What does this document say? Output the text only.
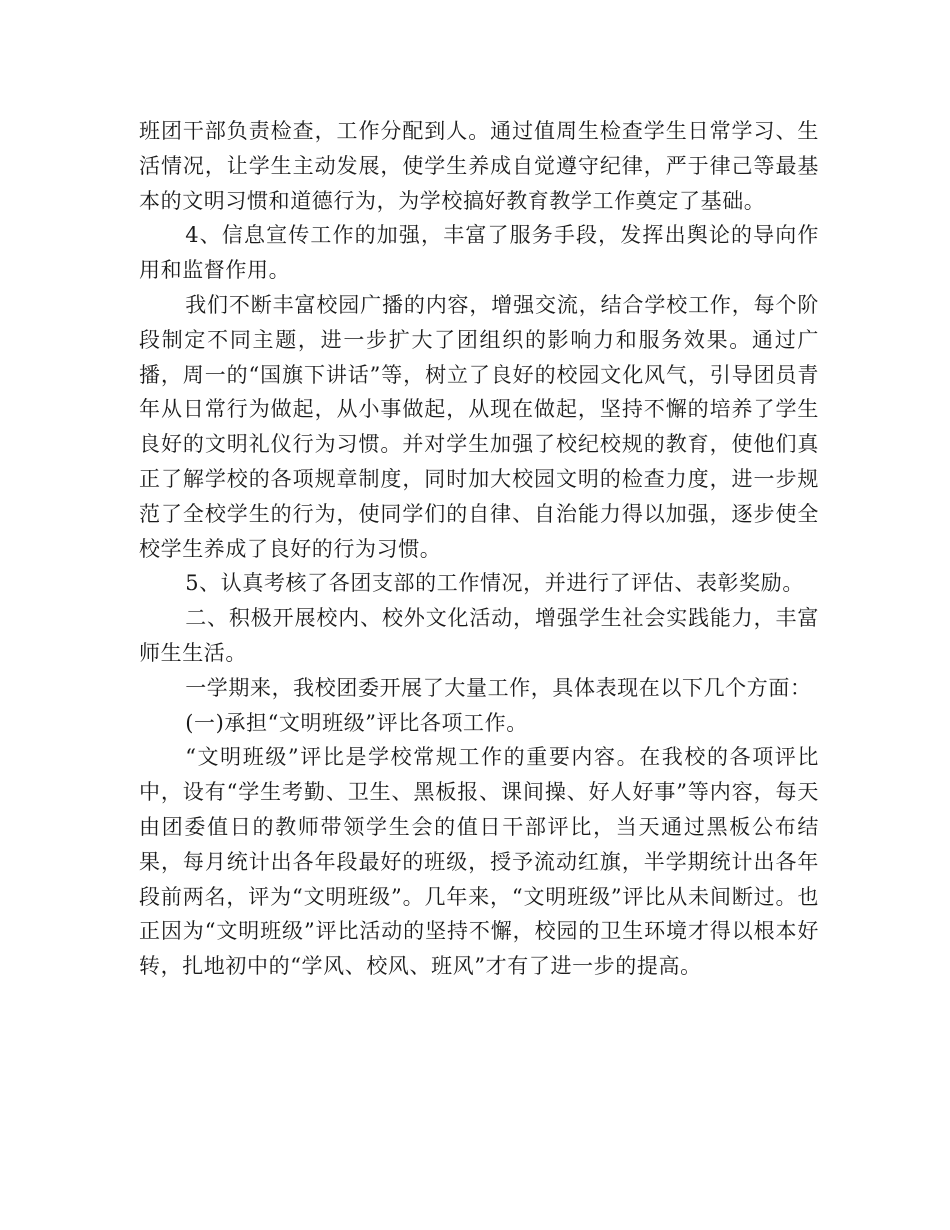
班团干部负责检查，工作分配到人。通过值周生检查学生日常学习、生活情况，让学生主动发展，使学生养成自觉遵守纪律，严于律己等最基本的文明习惯和道德行为，为学校搞好教育教学工作奠定了基础。

4、信息宣传工作的加强，丰富了服务手段，发挥出舆论的导向作用和监督作用。

我们不断丰富校园广播的内容，增强交流，结合学校工作，每个阶段制定不同主题，进一步扩大了团组织的影响力和服务效果。通过广播，周一的“国旗下讲话”等，树立了良好的校园文化风气，引导团员青年从日常行为做起，从小事做起，从现在做起，坚持不懈的培养了学生良好的文明礼仪行为习惯。并对学生加强了校纪校规的教育，使他们真正了解学校的各项规章制度，同时加大校园文明的检查力度，进一步规范了全校学生的行为，使同学们的自律、自治能力得以加强，逐步使全校学生养成了良好的行为习惯。

5、认真考核了各团支部的工作情况，并进行了评估、表彰奖励。

二、积极开展校内、校外文化活动，增强学生社会实践能力，丰富师生生活。

一学期来，我校团委开展了大量工作，具体表现在以下几个方面：

(一)承担“文明班级”评比各项工作。

“文明班级”评比是学校常规工作的重要内容。在我校的各项评比中，设有“学生考勤、卫生、黑板报、课间操、好人好事”等内容，每天由团委值日的教师带领学生会的值日干部评比，当天通过黑板公布结果，每月统计出各年段最好的班级，授予流动红旗，半学期统计出各年段前两名，评为“文明班级”。几年来，“文明班级”评比从未间断过。也正因为“文明班级”评比活动的坚持不懈，校园的卫生环境才得以根本好转，扎地初中的“学风、校风、班风”才有了进一步的提高。
